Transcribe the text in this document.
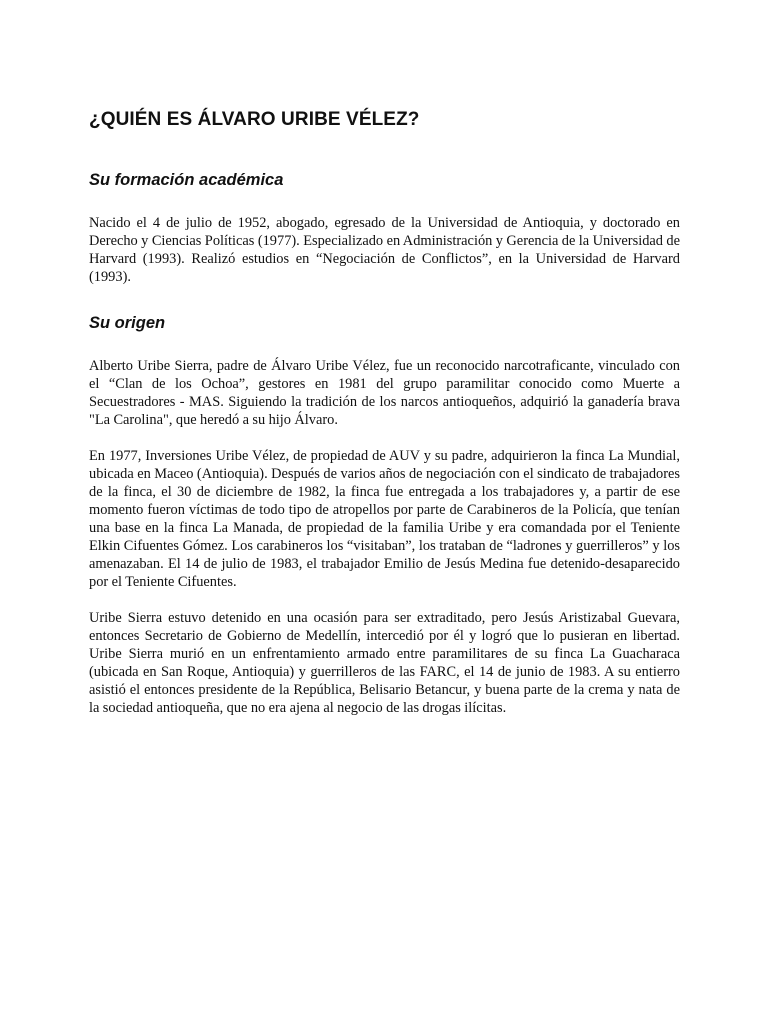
¿QUIÉN ES ÁLVARO URIBE VÉLEZ?
Su formación académica

Nacido el 4 de julio de 1952, abogado, egresado de la Universidad de Antioquia, y doctorado en Derecho y Ciencias Políticas (1977). Especializado en Administración y Gerencia de la Universidad de Harvard (1993). Realizó estudios en “Negociación de Conflictos”, en la Universidad de Harvard (1993).

Su origen

Alberto Uribe Sierra, padre de Álvaro Uribe Vélez, fue un reconocido narcotraficante, vinculado con el “Clan de los Ochoa”, gestores en 1981 del grupo paramilitar conocido como Muerte a Secuestradores - MAS. Siguiendo la tradición de los narcos antioqueños, adquirió la ganadería brava "La Carolina", que heredó a su hijo Álvaro.

En 1977, Inversiones Uribe Vélez, de propiedad de AUV y su padre, adquirieron la finca La Mundial, ubicada en Maceo (Antioquia). Después de varios años de negociación con el sindicato de trabajadores de la finca, el 30 de diciembre de 1982, la finca fue entregada a los trabajadores y, a partir de ese momento fueron víctimas de todo tipo de atropellos por parte de Carabineros de la Policía, que tenían una base en la finca La Manada, de propiedad de la familia Uribe y era comandada por el Teniente Elkin Cifuentes Gómez. Los carabineros los “visitaban”, los trataban de “ladrones y guerrilleros” y los amenazaban. El 14 de julio de 1983, el trabajador Emilio de Jesús Medina fue detenido-desaparecido por el Teniente Cifuentes.

Uribe Sierra estuvo detenido en una ocasión para ser extraditado, pero Jesús Aristizabal Guevara, entonces Secretario de Gobierno de Medellín, intercedió por él y logró que lo pusieran en libertad. Uribe Sierra murió en un enfrentamiento armado entre paramilitares de su finca La Guacharaca (ubicada en San Roque, Antioquia) y guerrilleros de las FARC, el 14 de junio de 1983. A su entierro asistió el entonces presidente de la República, Belisario Betancur, y buena parte de la crema y nata de la sociedad antioqueña, que no era ajena al negocio de las drogas ilícitas.
